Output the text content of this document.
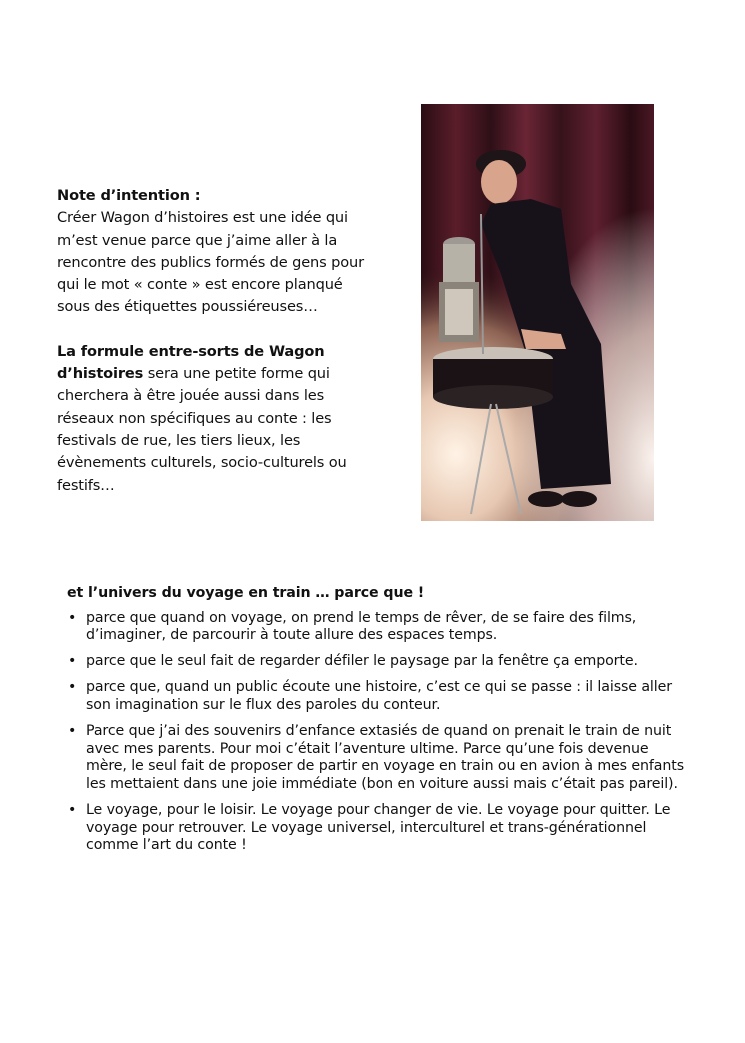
Note d’intention :

Créer Wagon d’histoires est une idée qui m’est venue parce que j’aime aller à la rencontre des publics formés de gens pour qui le mot « conte » est encore planqué sous des étiquettes poussiéreuses…

La formule entre-sorts de Wagon d’histoires sera une petite forme qui cherchera à être jouée aussi dans les réseaux non spécifiques au conte : les festivals de rue, les tiers lieux, les évènements culturels, socio-culturels ou festifs…

et l’univers du voyage en train … parce que !

• parce que quand on voyage, on prend le temps de rêver, de se faire des films, d’imaginer, de parcourir à toute allure des espaces temps.
• parce que le seul fait de regarder défiler le paysage par la fenêtre ça emporte.
• parce que, quand un public écoute une histoire, c’est ce qui se passe : il laisse aller son imagination sur le flux des paroles du conteur.
• Parce que j’ai des souvenirs d’enfance extasiés de quand on prenait le train de nuit avec mes parents. Pour moi c’était l’aventure ultime. Parce qu’une fois devenue mère, le seul fait de proposer de partir en voyage en train ou en avion à mes enfants les mettaient dans une joie immédiate (bon en voiture aussi mais c’était pas pareil).
• Le voyage, pour le loisir. Le voyage pour changer de vie. Le voyage pour quitter. Le voyage pour retrouver. Le voyage universel, interculturel et trans-générationnel comme l’art du conte !
